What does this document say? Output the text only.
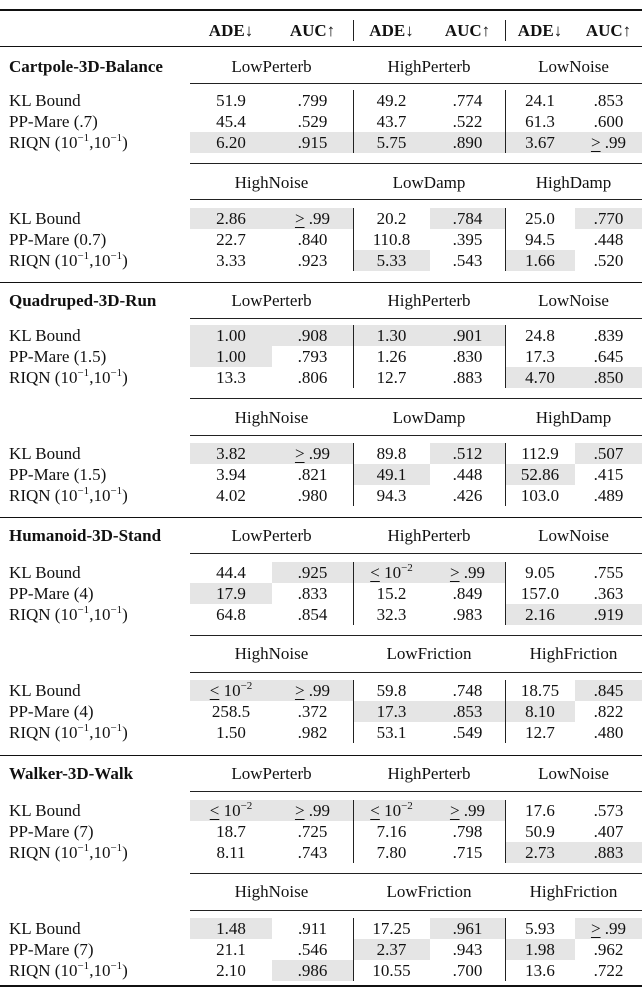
ADE↓	AUC↑	ADE↓	AUC↑	ADE↓	AUC↑
Cartpole-3D-Balance	LowPerterb	HighPerterb	LowNoise
KL Bound	51.9	.799	49.2	.774	24.1	.853
PP-Mare (.7)	45.4	.529	43.7	.522	61.3	.600
RIQN $(10^{-1},10^{-1})$	6.20	.915	5.75	.890	3.67	> .99
HighNoise	LowDamp	HighDamp
KL Bound	2.86	> .99	20.2	.784	25.0	.770
PP-Mare (0.7)	22.7	.840	110.8	.395	94.5	.448
RIQN $(10^{-1},10^{-1})$	3.33	.923	5.33	.543	1.66	.520
Quadruped-3D-Run	LowPerterb	HighPerterb	LowNoise
KL Bound	1.00	.908	1.30	.901	24.8	.839
PP-Mare (1.5)	1.00	.793	1.26	.830	17.3	.645
RIQN $(10^{-1},10^{-1})$	13.3	.806	12.7	.883	4.70	.850
HighNoise	LowDamp	HighDamp
KL Bound	3.82	> .99	89.8	.512	112.9	.507
PP-Mare (1.5)	3.94	.821	49.1	.448	52.86	.415
RIQN $(10^{-1},10^{-1})$	4.02	.980	94.3	.426	103.0	.489
Humanoid-3D-Stand	LowPerterb	HighPerterb	LowNoise
KL Bound	44.4	.925	< $10^{-2}$	> .99	9.05	.755
PP-Mare (4)	17.9	.833	15.2	.849	157.0	.363
RIQN $(10^{-1},10^{-1})$	64.8	.854	32.3	.983	2.16	.919
HighNoise	LowFriction	HighFriction
KL Bound	< $10^{-2}$	> .99	59.8	.748	18.75	.845
PP-Mare (4)	258.5	.372	17.3	.853	8.10	.822
RIQN $(10^{-1},10^{-1})$	1.50	.982	53.1	.549	12.7	.480
Walker-3D-Walk	LowPerterb	HighPerterb	LowNoise
KL Bound	< $10^{-2}$	> .99	< $10^{-2}$	> .99	17.6	.573
PP-Mare (7)	18.7	.725	7.16	.798	50.9	.407
RIQN $(10^{-1},10^{-1})$	8.11	.743	7.80	.715	2.73	.883
HighNoise	LowFriction	HighFriction
KL Bound	1.48	.911	17.25	.961	5.93	> .99
PP-Mare (7)	21.1	.546	2.37	.943	1.98	.962
RIQN $(10^{-1},10^{-1})$	2.10	.986	10.55	.700	13.6	.722
